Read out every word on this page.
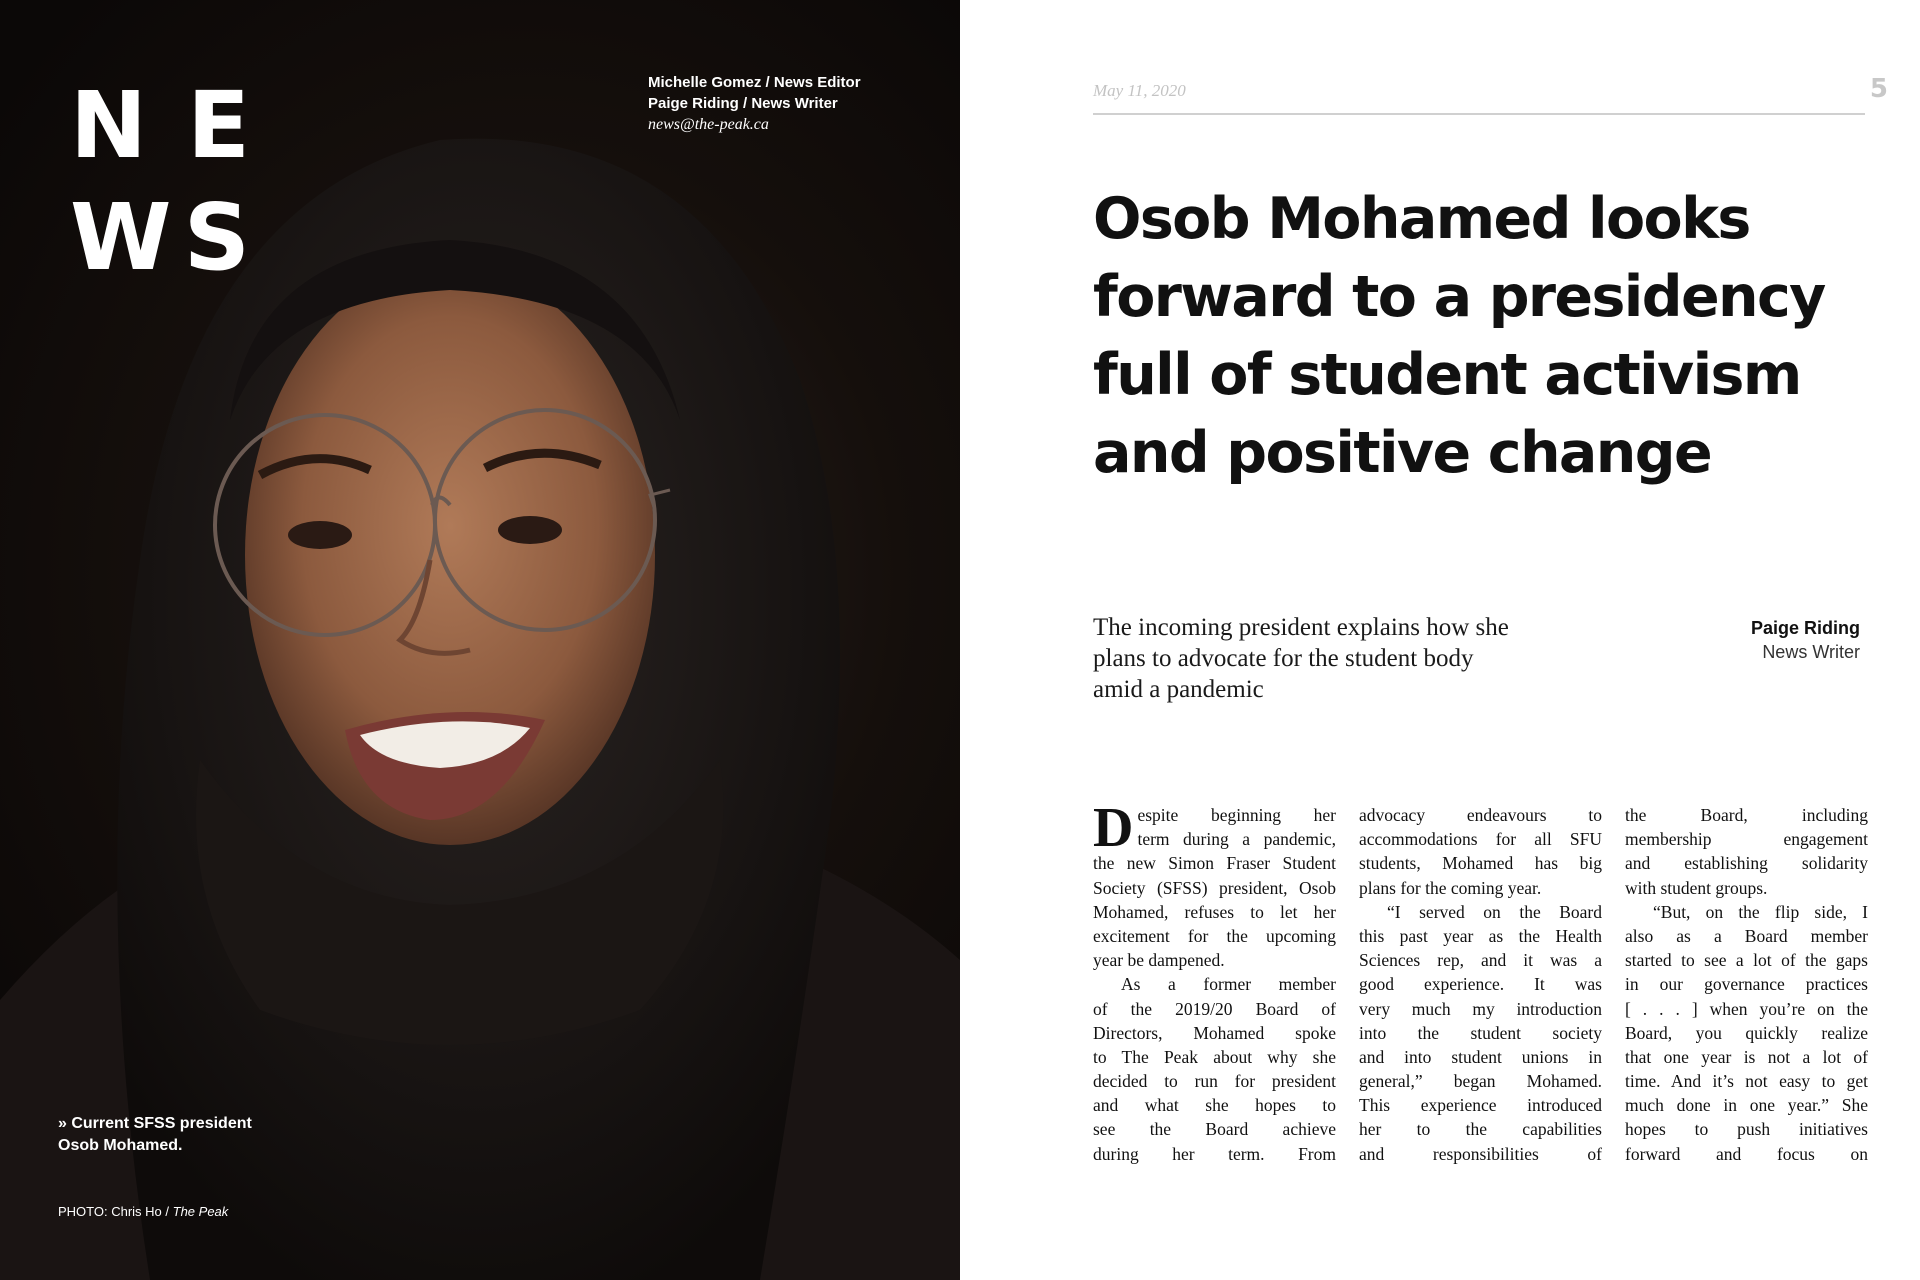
N E
W S
Michelle Gomez / News Editor
Paige Riding / News Writer
news@the-peak.ca
» Current SFSS president
Osob Mohamed.
PHOTO: Chris Ho / The Peak
May 11, 2020	5
Osob Mohamed looks
forward to a presidency
full of student activism
and positive change
The incoming president explains how she
plans to advocate for the student body
amid a pandemic
Paige Riding
News Writer
D espite beginning her
term during a pandemic,
the new Simon Fraser Student
Society (SFSS) president, Osob
Mohamed, refuses to let her
excitement for the upcoming
year be dampened.
As a former member
of the 2019/20 Board of
Directors, Mohamed spoke
to The Peak about why she
decided to run for president
and what she hopes to
see the Board achieve
during her term. From
advocacy endeavours to
accommodations for all SFU
students, Mohamed has big
plans for the coming year.
“I served on the Board
this past year as the Health
Sciences rep, and it was a
good experience. It was
very much my introduction
into the student society
and into student unions in
general,” began Mohamed.
This experience introduced
her to the capabilities
and responsibilities of
the Board, including
membership engagement
and establishing solidarity
with student groups.
“But, on the flip side, I
also as a Board member
started to see a lot of the gaps
in our governance practices
[ . . . ] when you’re on the
Board, you quickly realize
that one year is not a lot of
time. And it’s not easy to get
much done in one year.” She
hopes to push initiatives
forward and focus on
